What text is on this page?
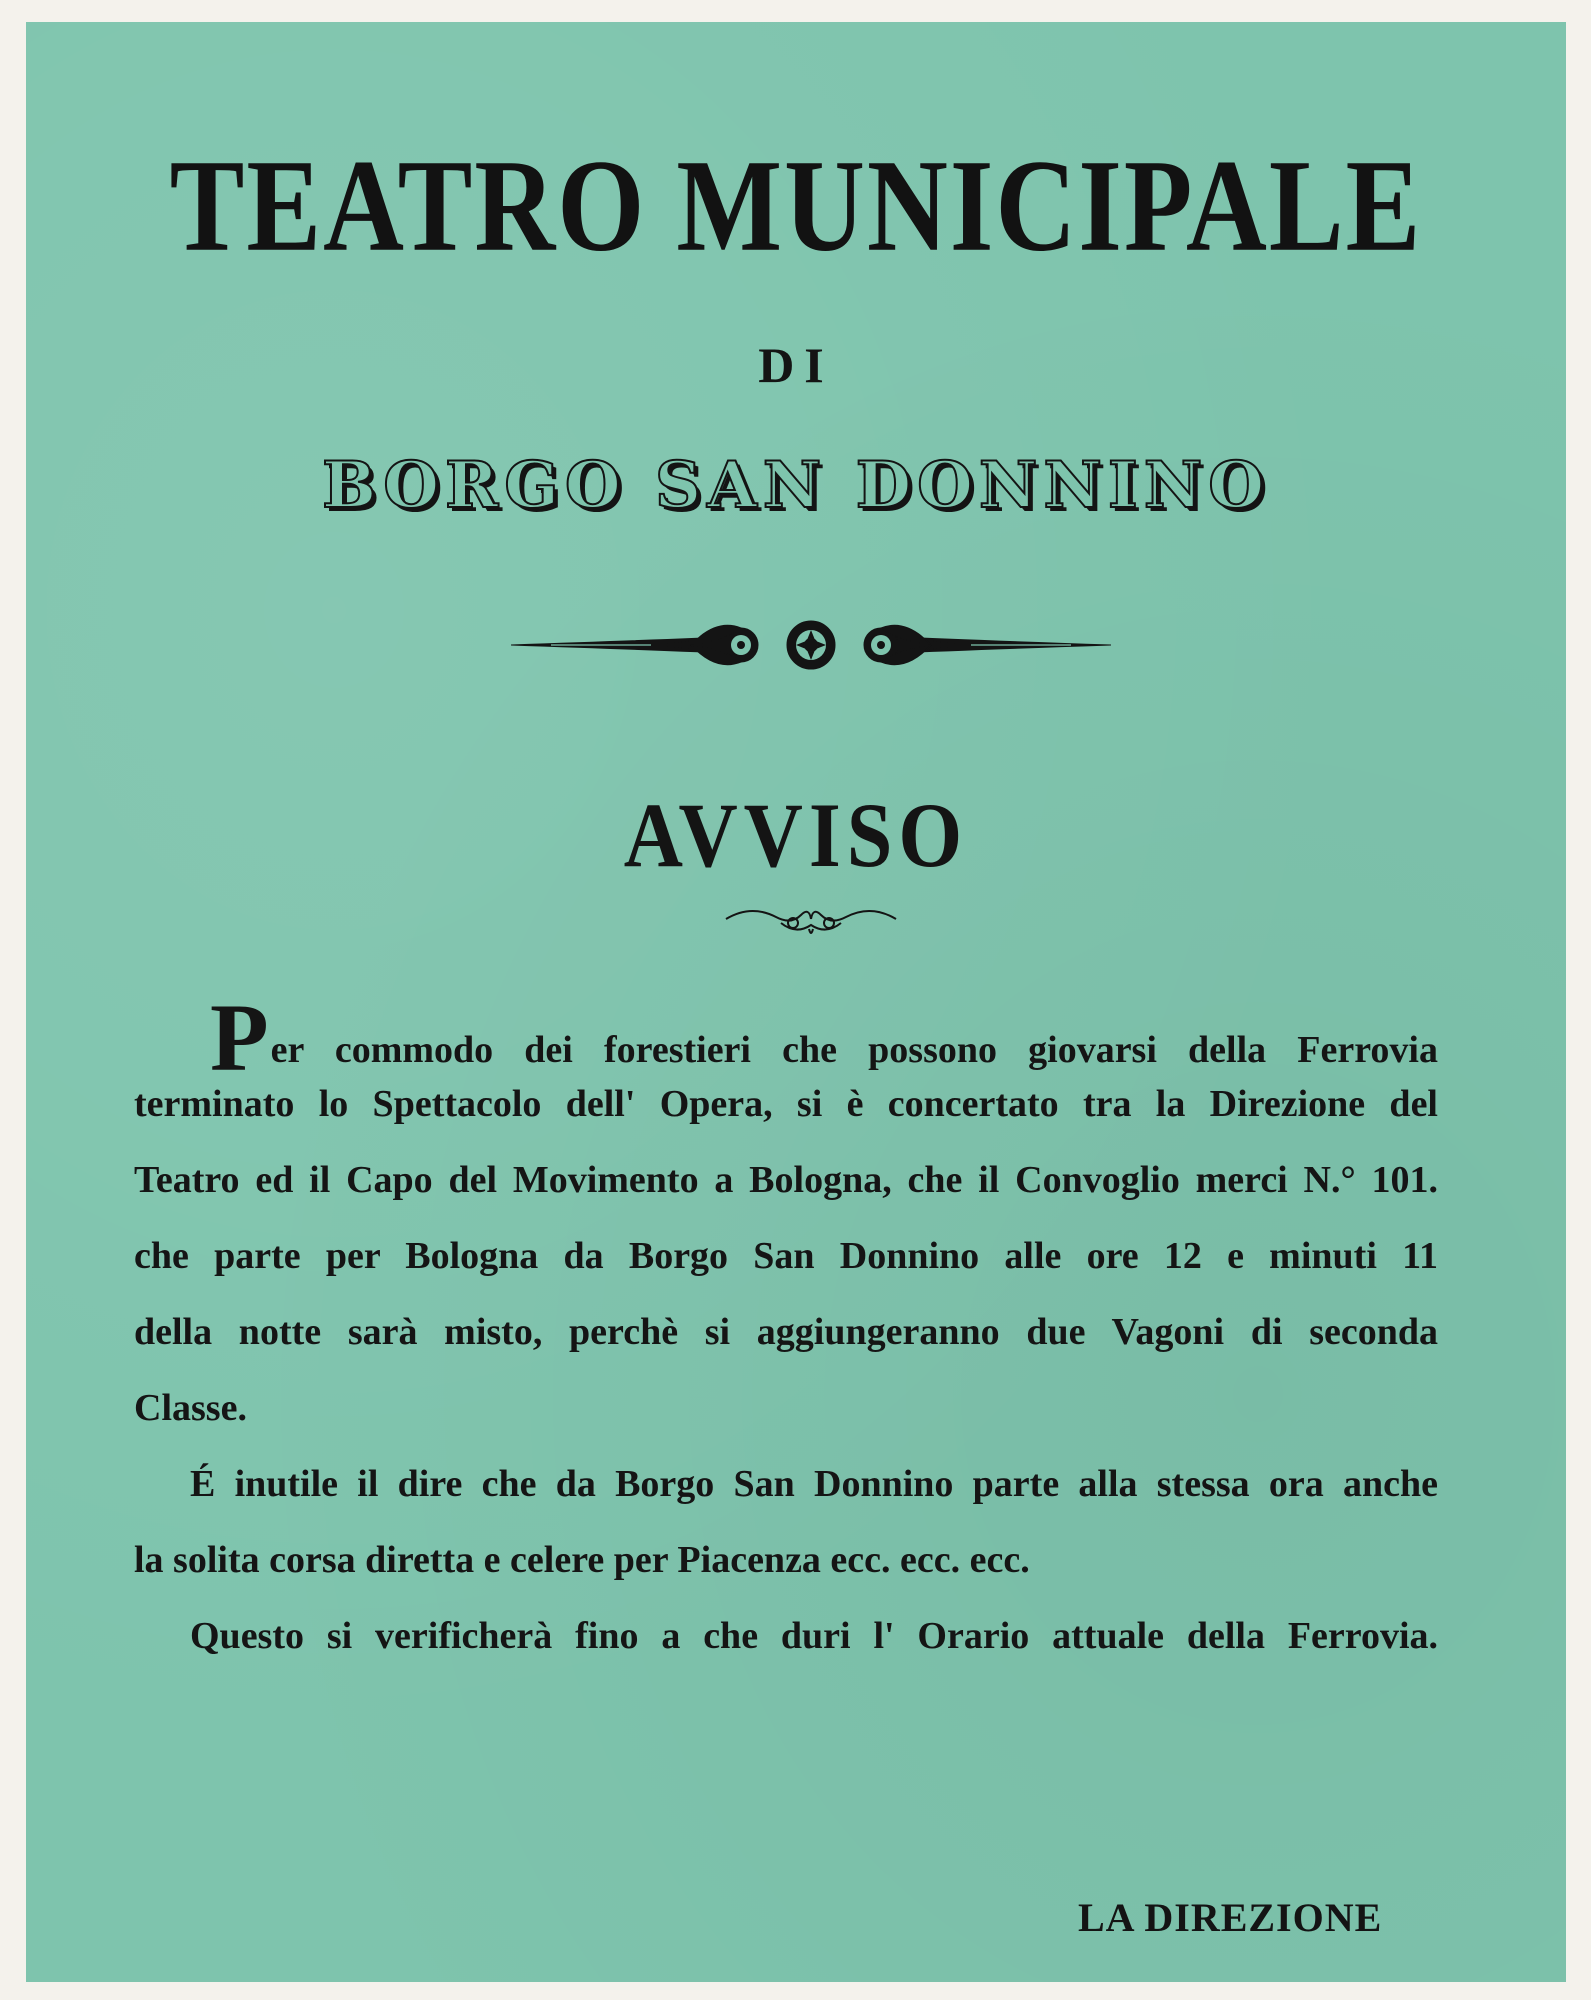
TEATRO MUNICIPALE
DI
BORGO SAN DONNINO
AVVISO
Per commodo dei forestieri che possono giovarsi della Ferrovia
terminato lo Spettacolo dell' Opera, si è concertato tra la Direzione del
Teatro ed il Capo del Movimento a Bologna, che il Convoglio merci N.° 101.
che parte per Bologna da Borgo San Donnino alle ore 12 e minuti 11
della notte sarà misto, perchè si aggiungeranno due Vagoni di seconda
Classe.
É inutile il dire che da Borgo San Donnino parte alla stessa ora anche
la solita corsa diretta e celere per Piacenza ecc. ecc. ecc.
Questo si verificherà fino a che duri l' Orario attuale della Ferrovia.
LA DIREZIONE
